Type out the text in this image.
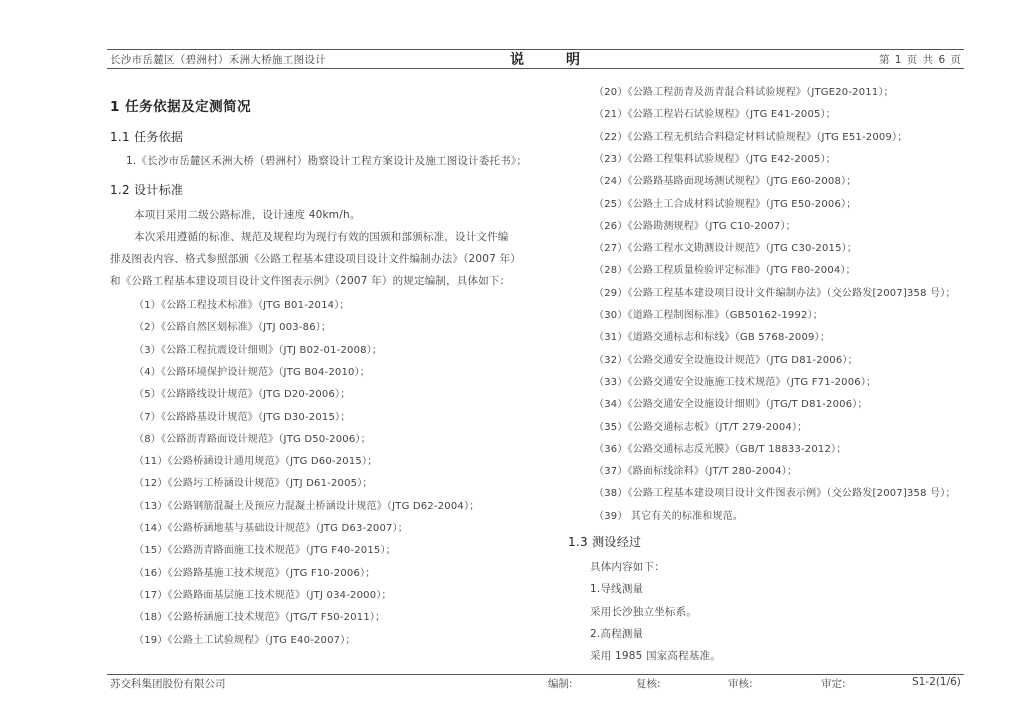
长沙市岳麓区（碧洲村）禾洲大桥施工图设计	说明	第 1 页 共 6 页
1 任务依据及定测简况
1.1 任务依据
1.《长沙市岳麓区禾洲大桥（碧洲村）勘察设计工程方案设计及施工图设计委托书》；
1.2 设计标准
本项目采用二级公路标准，设计速度 40km/h。
本次采用遵循的标准、规范及规程均为现行有效的国颁和部颁标准，设计文件编
排及图表内容、格式参照部颁《公路工程基本建设项目设计文件编制办法》（2007 年）
和《公路工程基本建设项目设计文件图表示例》（2007 年）的规定编制，具体如下：
（1）《公路工程技术标准》（JTG B01-2014）；
（2）《公路自然区划标准》（JTJ 003-86）；
（3）《公路工程抗震设计细则》（JTJ B02-01-2008）；
（4）《公路环境保护设计规范》（JTG B04-2010）；
（5）《公路路线设计规范》（JTG D20-2006）；
（7）《公路路基设计规范》（JTG D30-2015）；
（8）《公路沥青路面设计规范》（JTG D50-2006）；
（11）《公路桥涵设计通用规范》（JTG D60-2015）；
（12）《公路圬工桥涵设计规范》（JTJ D61-2005）；
（13）《公路钢筋混凝土及预应力混凝土桥涵设计规范》（JTG D62-2004）；
（14）《公路桥涵地基与基础设计规范》（JTG D63-2007）；
（15）《公路沥青路面施工技术规范》（JTG F40-2015）；
（16）《公路路基施工技术规范》（JTG F10-2006）；
（17）《公路路面基层施工技术规范》（JTJ 034-2000）；
（18）《公路桥涵施工技术规范》（JTG/T F50-2011）；
（19）《公路土工试验规程》（JTG E40-2007）；
（20）《公路工程沥青及沥青混合料试验规程》（JTGE20-2011）；
（21）《公路工程岩石试验规程》（JTG E41-2005）；
（22）《公路工程无机结合料稳定材料试验规程》（JTG E51-2009）；
（23）《公路工程集料试验规程》（JTG E42-2005）；
（24）《公路路基路面现场测试规程》（JTG E60-2008）；
（25）《公路土工合成材料试验规程》（JTG E50-2006）；
（26）《公路勘测规程》（JTG C10-2007）；
（27）《公路工程水文勘测设计规范》（JTG C30-2015）；
（28）《公路工程质量检验评定标准》（JTG F80-2004）；
（29）《公路工程基本建设项目设计文件编制办法》（交公路发[2007]358 号）；
（30）《道路工程制图标准》（GB50162-1992）；
（31）《道路交通标志和标线》（GB 5768-2009）；
（32）《公路交通安全设施设计规范》（JTG D81-2006）；
（33）《公路交通安全设施施工技术规范》（JTG F71-2006）；
（34）《公路交通安全设施设计细则》（JTG/T D81-2006）；
（35）《公路交通标志板》（JT/T 279-2004）；
（36）《公路交通标志反光膜》（GB/T 18833-2012）；
（37）《路面标线涂料》（JT/T 280-2004）；
（38）《公路工程基本建设项目设计文件图表示例》（交公路发[2007]358 号）；
（39） 其它有关的标准和规范。
1.3 测设经过
具体内容如下：
1.导线测量
采用长沙独立坐标系。
2.高程测量
采用 1985 国家高程基准。
苏交科集团股份有限公司	编制:	复核:	审核:	审定:	S1-2(1/6)
